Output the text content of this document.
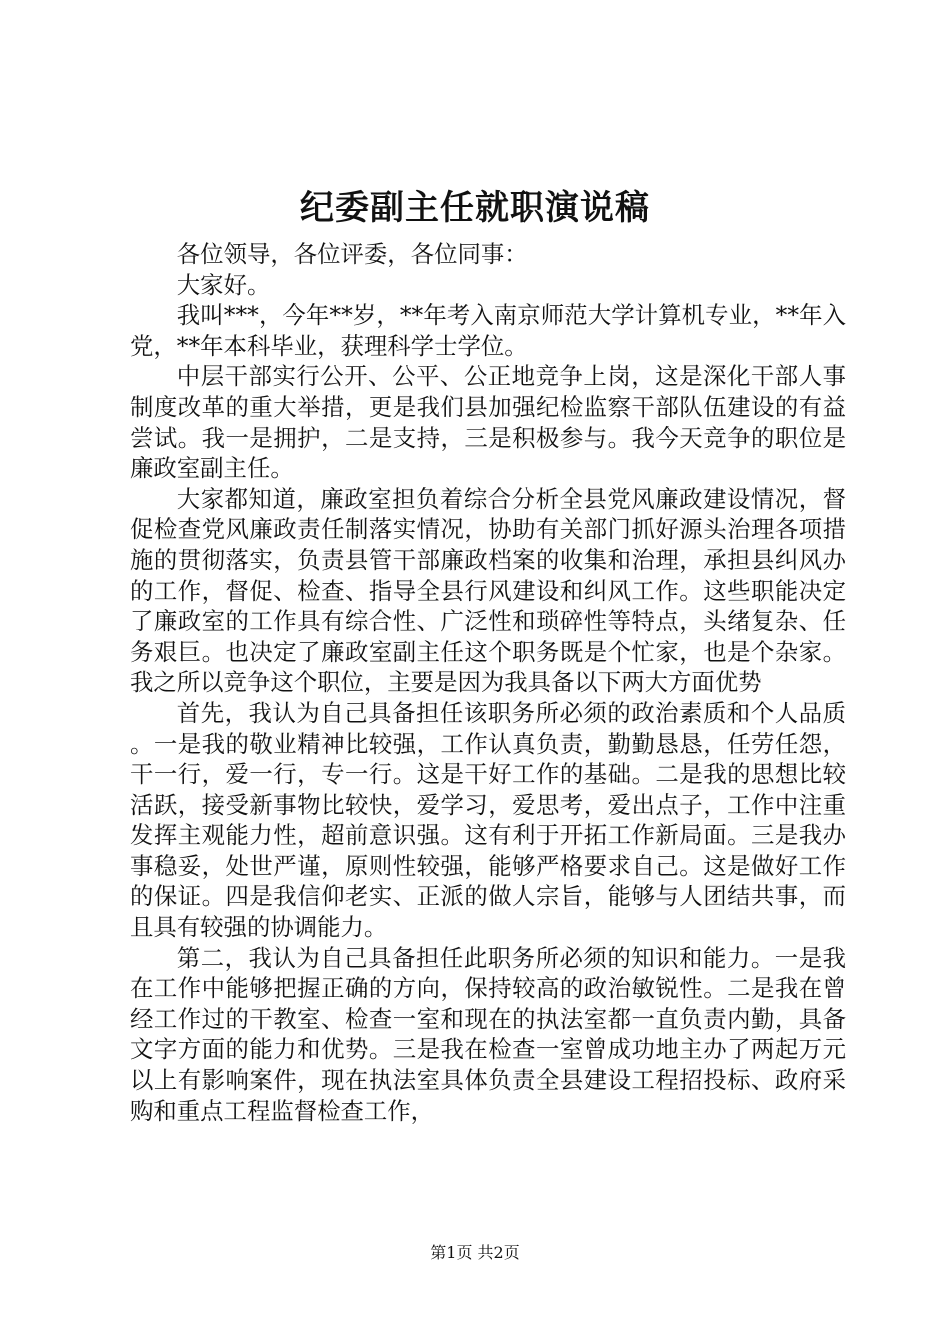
纪委副主任就职演说稿

各位领导，各位评委，各位同事：

大家好。

我叫***，今年**岁，**年考入南京师范大学计算机专业，**年入党，**年本科毕业，获理科学士学位。

中层干部实行公开、公平、公正地竞争上岗，这是深化干部人事制度改革的重大举措，更是我们县加强纪检监察干部队伍建设的有益尝试。我一是拥护，二是支持，三是积极参与。我今天竞争的职位是廉政室副主任。

大家都知道，廉政室担负着综合分析全县党风廉政建设情况，督促检查党风廉政责任制落实情况，协助有关部门抓好源头治理各项措施的贯彻落实，负责县管干部廉政档案的收集和治理，承担县纠风办的工作，督促、检查、指导全县行风建设和纠风工作。这些职能决定了廉政室的工作具有综合性、广泛性和琐碎性等特点，头绪复杂、任务艰巨。也决定了廉政室副主任这个职务既是个忙家，也是个杂家。我之所以竞争这个职位，主要是因为我具备以下两大方面优势

首先，我认为自己具备担任该职务所必须的政治素质和个人品质。一是我的敬业精神比较强，工作认真负责，勤勤恳恳，任劳任怨，干一行，爱一行，专一行。这是干好工作的基础。二是我的思想比较活跃，接受新事物比较快，爱学习，爱思考，爱出点子，工作中注重发挥主观能力性，超前意识强。这有利于开拓工作新局面。三是我办事稳妥，处世严谨，原则性较强，能够严格要求自己。这是做好工作的保证。四是我信仰老实、正派的做人宗旨，能够与人团结共事，而且具有较强的协调能力。

第二，我认为自己具备担任此职务所必须的知识和能力。一是我在工作中能够把握正确的方向，保持较高的政治敏锐性。二是我在曾经工作过的干教室、检查一室和现在的执法室都一直负责内勤，具备文字方面的能力和优势。三是我在检查一室曾成功地主办了两起万元以上有影响案件，现在执法室具体负责全县建设工程招投标、政府采购和重点工程监督检查工作，

第1页 共2页
